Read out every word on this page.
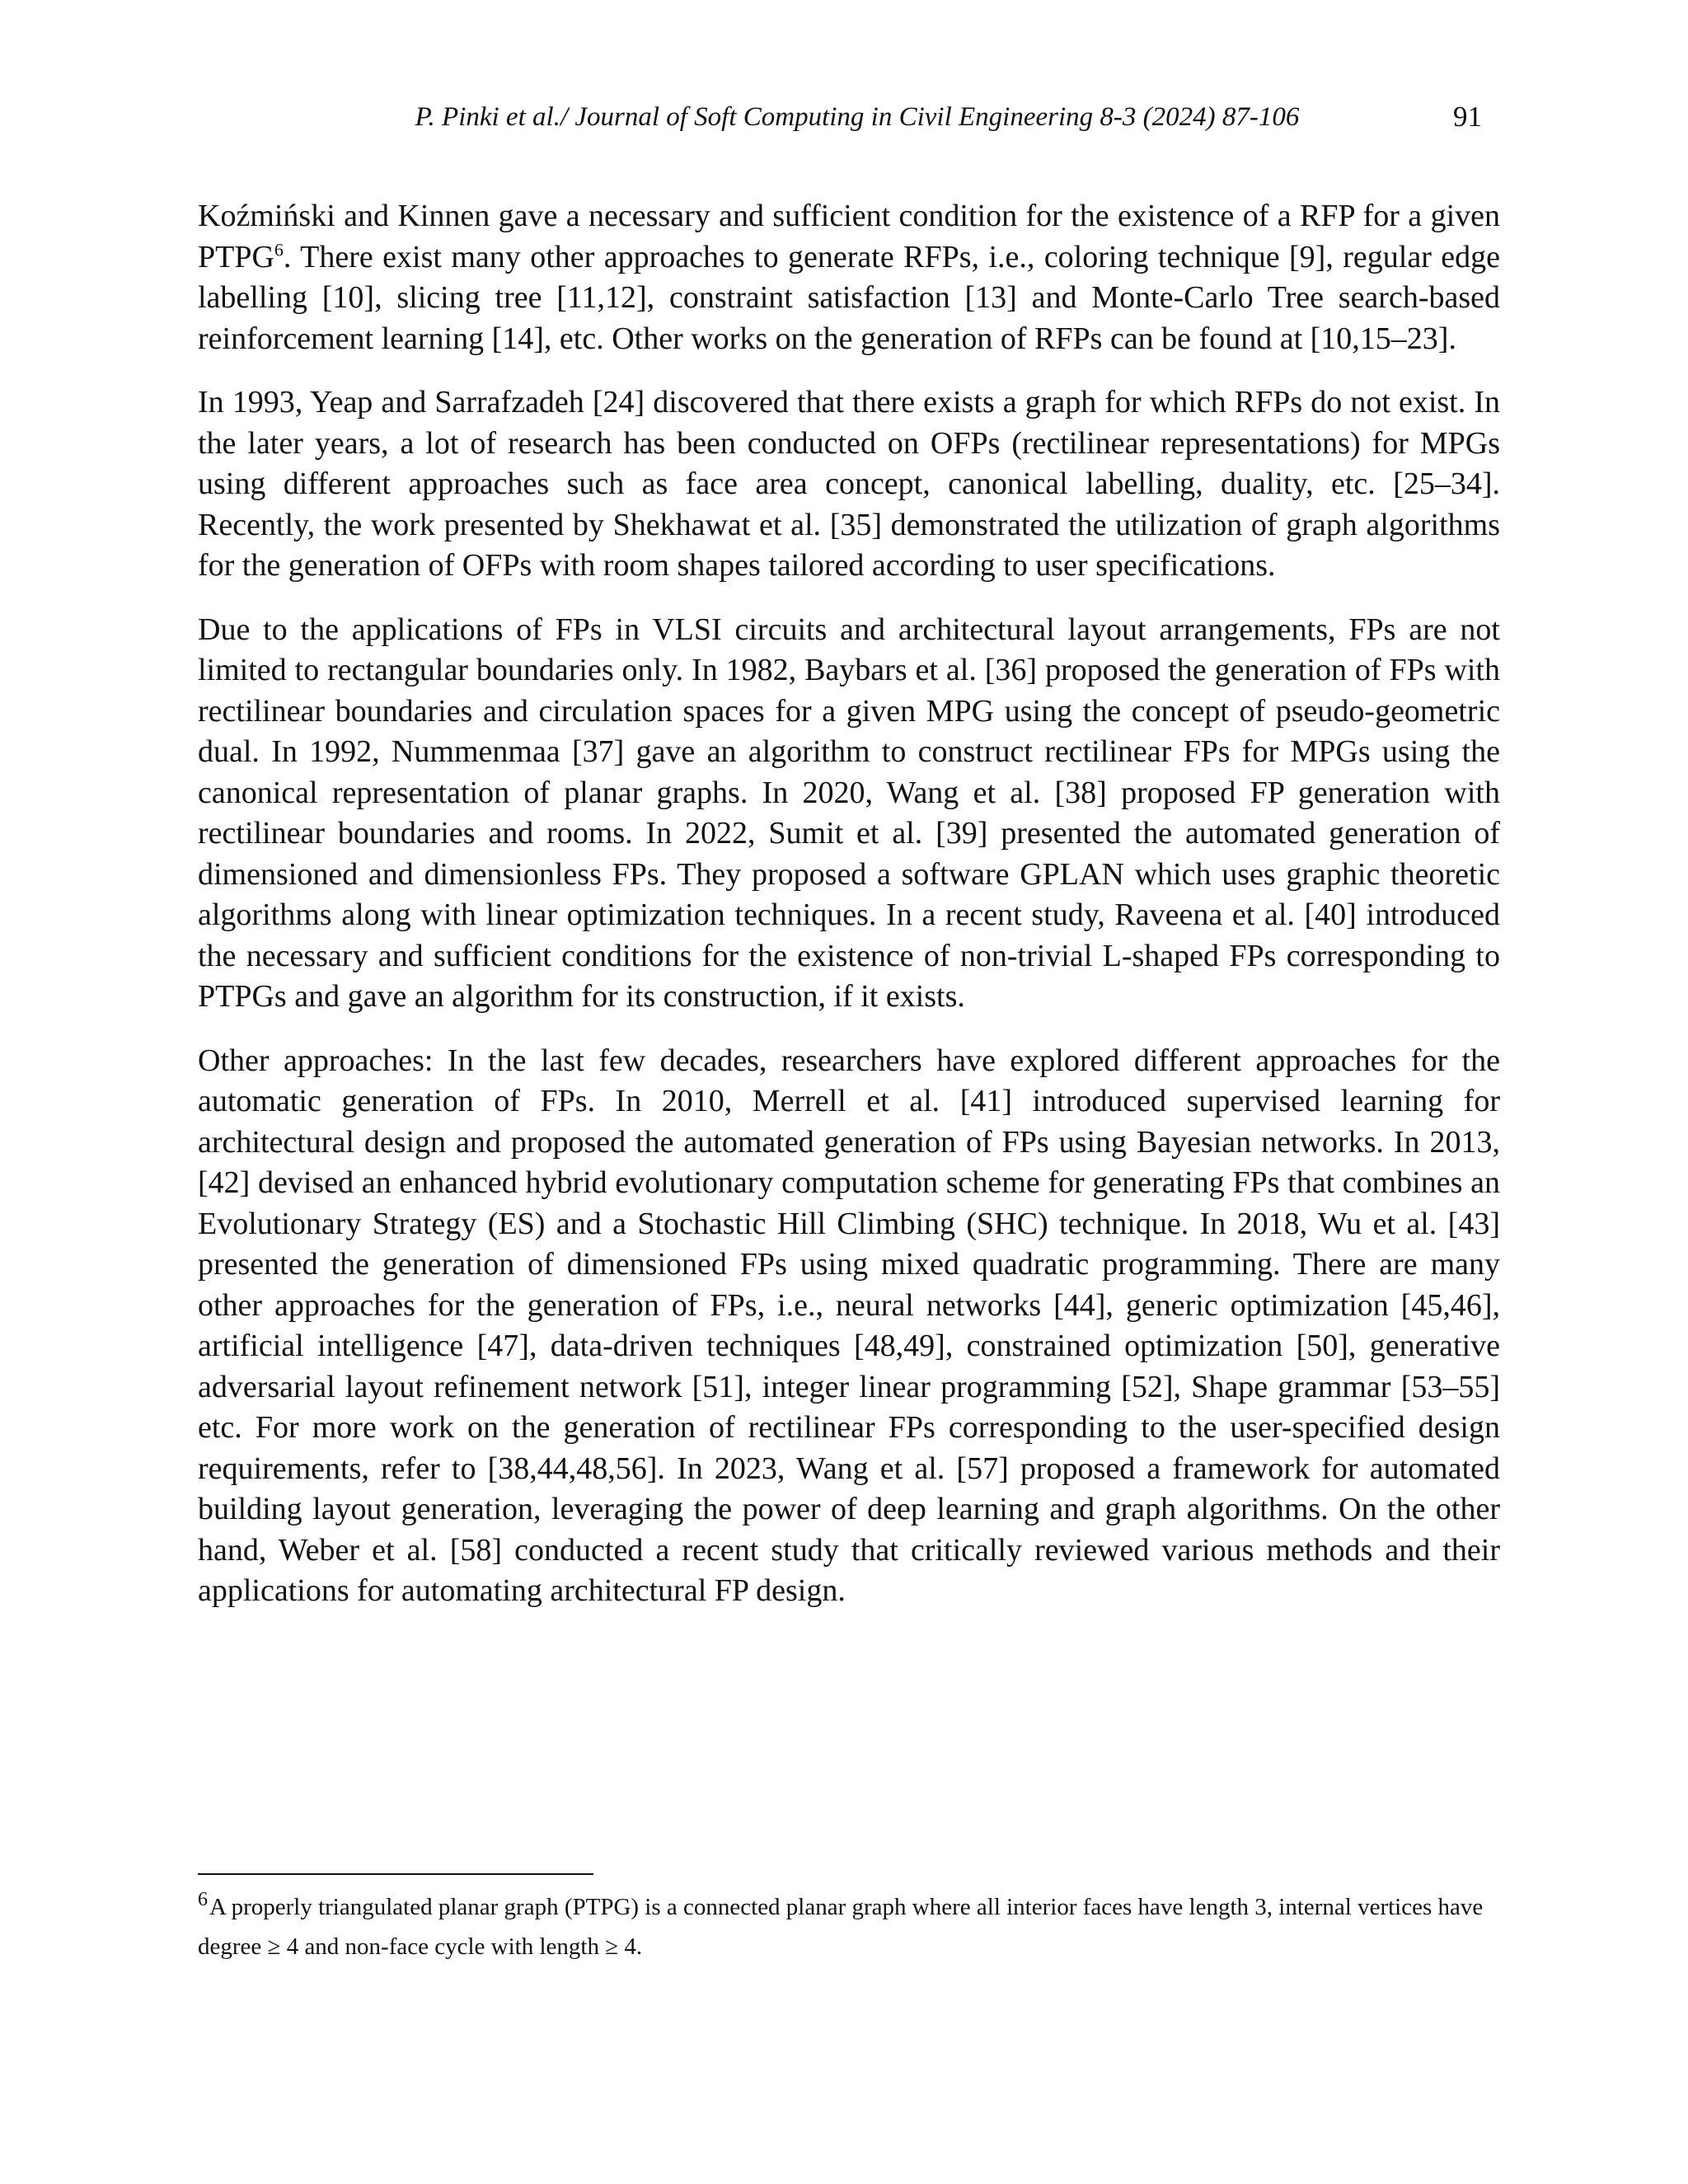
P. Pinki et al./ Journal of Soft Computing in Civil Engineering 8-3 (2024) 87-106	91

Koźmiński and Kinnen gave a necessary and sufficient condition for the existence of a RFP for a given PTPG$^6$. There exist many other approaches to generate RFPs, i.e., coloring technique [9], regular edge labelling [10], slicing tree [11,12], constraint satisfaction [13] and Monte-Carlo Tree search-based reinforcement learning [14], etc. Other works on the generation of RFPs can be found at [10,15–23].

In 1993, Yeap and Sarrafzadeh [24] discovered that there exists a graph for which RFPs do not exist. In the later years, a lot of research has been conducted on OFPs (rectilinear representations) for MPGs using different approaches such as face area concept, canonical labelling, duality, etc. [25–34]. Recently, the work presented by Shekhawat et al. [35] demonstrated the utilization of graph algorithms for the generation of OFPs with room shapes tailored according to user specifications.

Due to the applications of FPs in VLSI circuits and architectural layout arrangements, FPs are not limited to rectangular boundaries only. In 1982, Baybars et al. [36] proposed the generation of FPs with rectilinear boundaries and circulation spaces for a given MPG using the concept of pseudo-geometric dual. In 1992, Nummenmaa [37] gave an algorithm to construct rectilinear FPs for MPGs using the canonical representation of planar graphs. In 2020, Wang et al. [38] proposed FP generation with rectilinear boundaries and rooms. In 2022, Sumit et al. [39] presented the automated generation of dimensioned and dimensionless FPs. They proposed a software GPLAN which uses graphic theoretic algorithms along with linear optimization techniques. In a recent study, Raveena et al. [40] introduced the necessary and sufficient conditions for the existence of non-trivial L-shaped FPs corresponding to PTPGs and gave an algorithm for its construction, if it exists.

Other approaches: In the last few decades, researchers have explored different approaches for the automatic generation of FPs. In 2010, Merrell et al. [41] introduced supervised learning for architectural design and proposed the automated generation of FPs using Bayesian networks. In 2013, [42] devised an enhanced hybrid evolutionary computation scheme for generating FPs that combines an Evolutionary Strategy (ES) and a Stochastic Hill Climbing (SHC) technique. In 2018, Wu et al. [43] presented the generation of dimensioned FPs using mixed quadratic programming. There are many other approaches for the generation of FPs, i.e., neural networks [44], generic optimization [45,46], artificial intelligence [47], data-driven techniques [48,49], constrained optimization [50], generative adversarial layout refinement network [51], integer linear programming [52], Shape grammar [53–55] etc. For more work on the generation of rectilinear FPs corresponding to the user-specified design requirements, refer to [38,44,48,56]. In 2023, Wang et al. [57] proposed a framework for automated building layout generation, leveraging the power of deep learning and graph algorithms. On the other hand, Weber et al. [58] conducted a recent study that critically reviewed various methods and their applications for automating architectural FP design.

$^6$A properly triangulated planar graph (PTPG) is a connected planar graph where all interior faces have length 3, internal vertices have degree ≥ 4 and non-face cycle with length ≥ 4.
